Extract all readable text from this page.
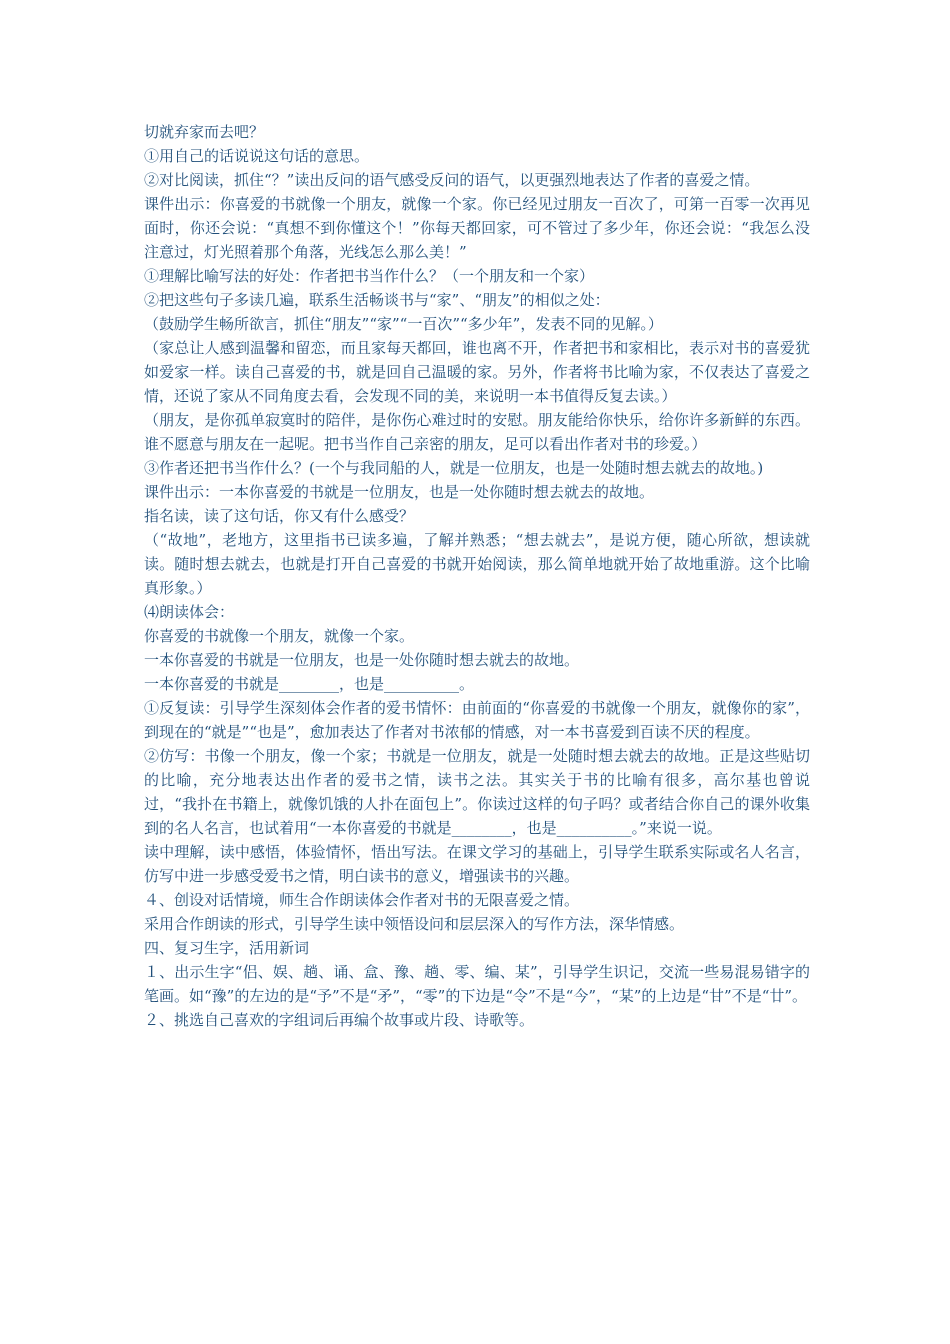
切就弃家而去吧？

①用自己的话说说这句话的意思。

②对比阅读，抓住“？”读出反问的语气感受反问的语气，以更强烈地表达了作者的喜爱之情。

课件出示：你喜爱的书就像一个朋友，就像一个家。你已经见过朋友一百次了，可第一百零一次再见面时，你还会说：“真想不到你懂这个！”你每天都回家，可不管过了多少年，你还会说：“我怎么没注意过，灯光照着那个角落，光线怎么那么美！”

①理解比喻写法的好处：作者把书当作什么？（一个朋友和一个家）

②把这些句子多读几遍，联系生活畅谈书与“家”、“朋友”的相似之处：

（鼓励学生畅所欲言，抓住“朋友”“家”“一百次”“多少年”，发表不同的见解。）

（家总让人感到温馨和留恋，而且家每天都回，谁也离不开，作者把书和家相比，表示对书的喜爱犹如爱家一样。读自己喜爱的书，就是回自己温暖的家。另外，作者将书比喻为家，不仅表达了喜爱之情，还说了家从不同角度去看，会发现不同的美，来说明一本书值得反复去读。）

（朋友，是你孤单寂寞时的陪伴，是你伤心难过时的安慰。朋友能给你快乐，给你许多新鲜的东西。谁不愿意与朋友在一起呢。把书当作自己亲密的朋友，足可以看出作者对书的珍爱。）

③作者还把书当作什么？(一个与我同船的人，就是一位朋友，也是一处随时想去就去的故地。)

课件出示：一本你喜爱的书就是一位朋友，也是一处你随时想去就去的故地。

指名读，读了这句话，你又有什么感受？

（“故地”，老地方，这里指书已读多遍，了解并熟悉；“想去就去”，是说方便，随心所欲，想读就读。随时想去就去，也就是打开自己喜爱的书就开始阅读，那么简单地就开始了故地重游。这个比喻真形象。）

⑷朗读体会：

你喜爱的书就像一个朋友，就像一个家。

一本你喜爱的书就是一位朋友，也是一处你随时想去就去的故地。

一本你喜爱的书就是________，也是__________。

①反复读：引导学生深刻体会作者的爱书情怀：由前面的“你喜爱的书就像一个朋友，就像你的家”，到现在的“就是”“也是”，愈加表达了作者对书浓郁的情感，对一本书喜爱到百读不厌的程度。

②仿写：书像一个朋友，像一个家；书就是一位朋友，就是一处随时想去就去的故地。正是这些贴切的比喻，充分地表达出作者的爱书之情，读书之法。其实关于书的比喻有很多，高尔基也曾说过，“我扑在书籍上，就像饥饿的人扑在面包上”。你读过这样的句子吗？或者结合你自己的课外收集到的名人名言，也试着用“一本你喜爱的书就是________，也是__________。”来说一说。

读中理解，读中感悟，体验情怀，悟出写法。在课文学习的基础上，引导学生联系实际或名人名言，仿写中进一步感受爱书之情，明白读书的意义，增强读书的兴趣。

４、创设对话情境，师生合作朗读体会作者对书的无限喜爱之情。

采用合作朗读的形式，引导学生读中领悟设问和层层深入的写作方法，深华情感。

四、复习生字，活用新词

１、出示生字“侣、娱、趟、诵、盒、豫、趟、零、编、某”，引导学生识记，交流一些易混易错字的笔画。如“豫”的左边的是“予”不是“矛”，“零”的下边是“令”不是“今”，“某”的上边是“甘”不是“廿”。

２、挑选自己喜欢的字组词后再编个故事或片段、诗歌等。
